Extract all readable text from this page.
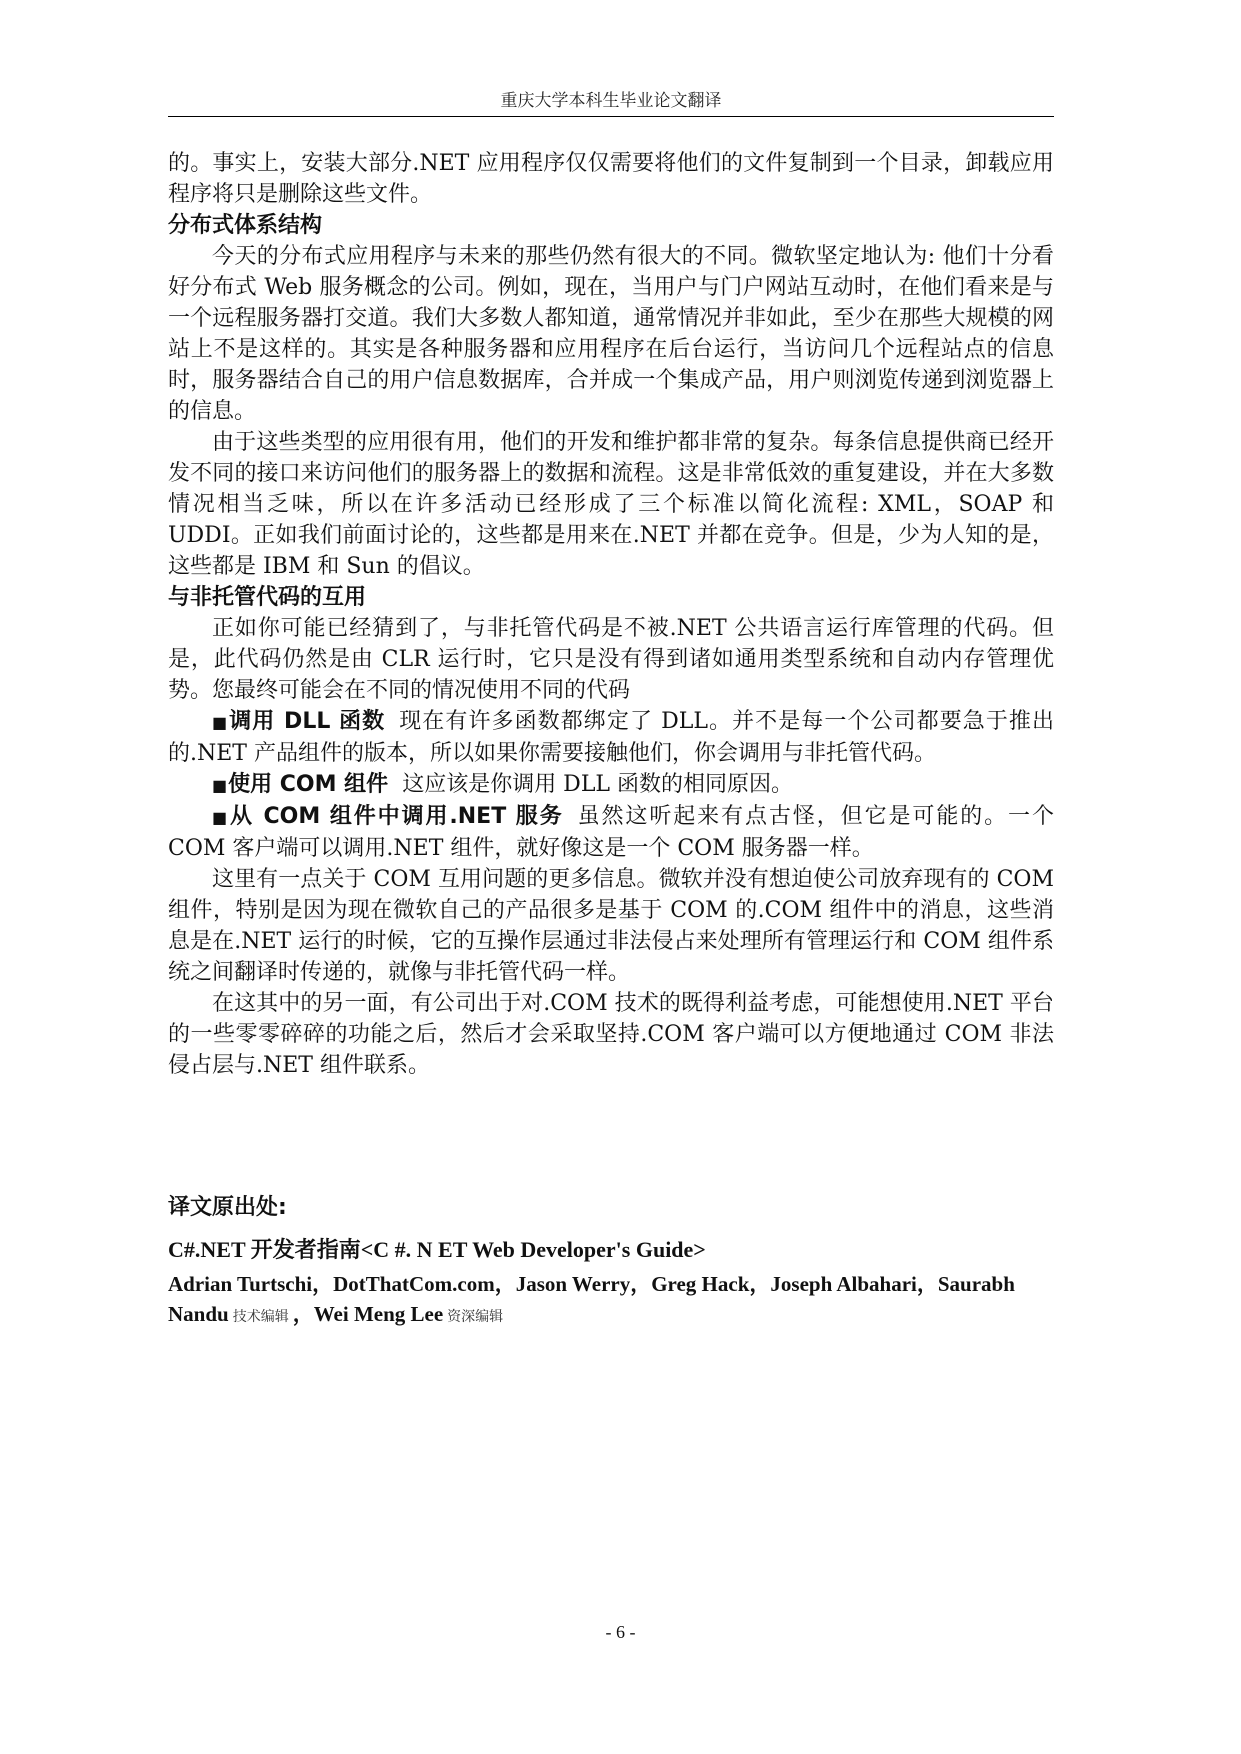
重庆大学本科生毕业论文翻译

的。事实上，安装大部分.NET 应用程序仅仅需要将他们的文件复制到一个目录，卸载应用程序将只是删除这些文件。

分布式体系结构

今天的分布式应用程序与未来的那些仍然有很大的不同。微软坚定地认为: 他们十分看好分布式 Web 服务概念的公司。例如，现在，当用户与门户网站互动时，在他们看来是与一个远程服务器打交道。我们大多数人都知道，通常情况并非如此，至少在那些大规模的网站上不是这样的。其实是各种服务器和应用程序在后台运行，当访问几个远程站点的信息时，服务器结合自己的用户信息数据库，合并成一个集成产品，用户则浏览传递到浏览器上的信息。

由于这些类型的应用很有用，他们的开发和维护都非常的复杂。每条信息提供商已经开发不同的接口来访问他们的服务器上的数据和流程。这是非常低效的重复建设，并在大多数情况相当乏味，所以在许多活动已经形成了三个标准以简化流程: XML，SOAP 和 UDDI。正如我们前面讨论的，这些都是用来在.NET 并都在竞争。但是，少为人知的是，这些都是 IBM 和 Sun 的倡议。

与非托管代码的互用

正如你可能已经猜到了，与非托管代码是不被.NET 公共语言运行库管理的代码。但是，此代码仍然是由 CLR 运行时，它只是没有得到诸如通用类型系统和自动内存管理优势。您最终可能会在不同的情况使用不同的代码

■调用 DLL 函数 现在有许多函数都绑定了 DLL。并不是每一个公司都要急于推出的.NET 产品组件的版本，所以如果你需要接触他们，你会调用与非托管代码。

■使用 COM 组件 这应该是你调用 DLL 函数的相同原因。

■从 COM 组件中调用.NET 服务 虽然这听起来有点古怪，但它是可能的。一个 COM 客户端可以调用.NET 组件，就好像这是一个 COM 服务器一样。

这里有一点关于 COM 互用问题的更多信息。微软并没有想迫使公司放弃现有的 COM 组件，特别是因为现在微软自己的产品很多是基于 COM 的.COM 组件中的消息，这些消息是在.NET 运行的时候，它的互操作层通过非法侵占来处理所有管理运行和 COM 组件系统之间翻译时传递的，就像与非托管代码一样。

在这其中的另一面，有公司出于对.COM 技术的既得利益考虑，可能想使用.NET 平台的一些零零碎碎的功能之后，然后才会采取坚持.COM 客户端可以方便地通过 COM 非法侵占层与.NET 组件联系。

译文原出处:

C#.NET 开发者指南<C #. N ET Web Developer's Guide>

Adrian Turtschi，DotThatCom.com，Jason Werry，Greg Hack，Joseph Albahari，Saurabh
Nandu 技术编辑 ，Wei Meng Lee 资深编辑

- 6 -
